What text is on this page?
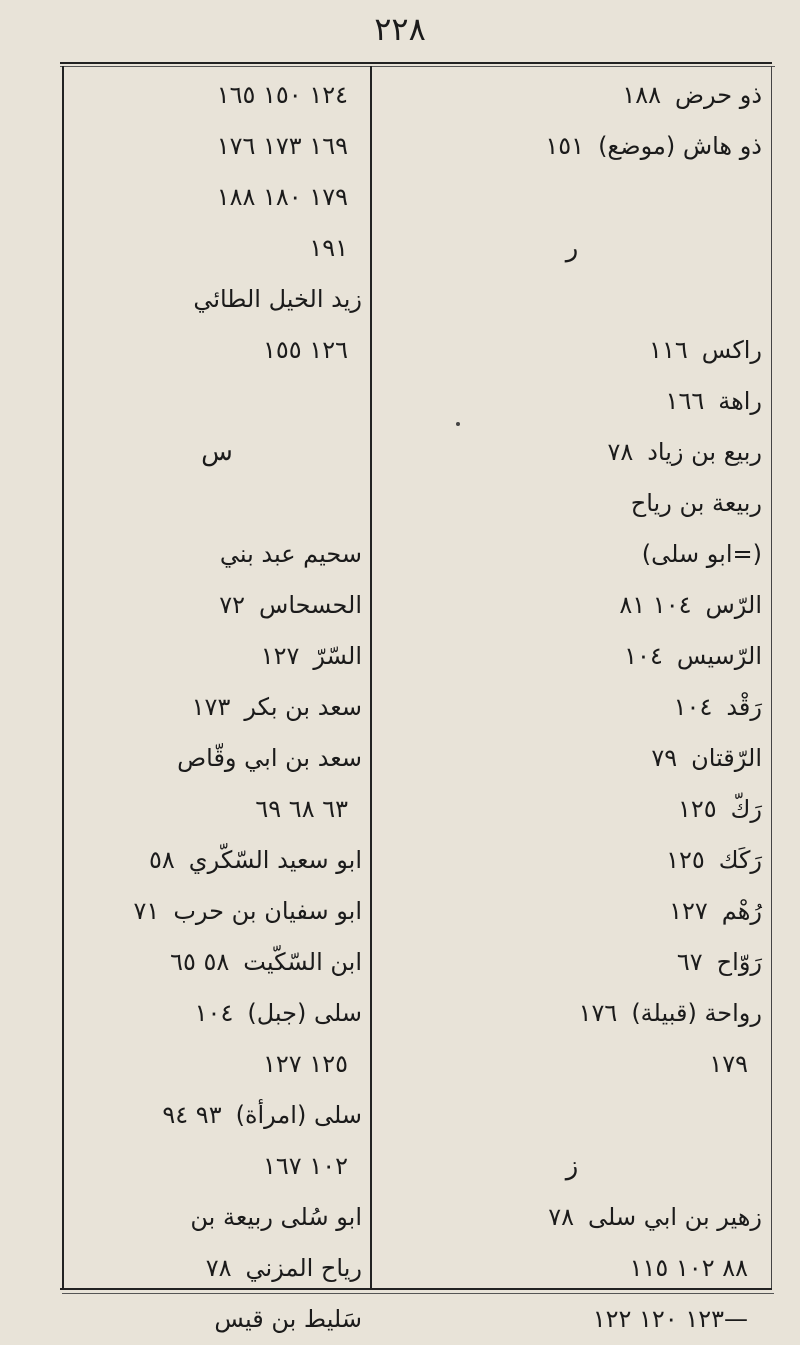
٢٢٨
ذو حرض١٨٨
ذو هاش (موضع)١٥١
ر
راكس١١٦
راهة١٦٦
ربيع بن زياد٧٨
ربيعة بن رياح
(=ابو سلى)
الرّس١٠٤ ٨١
الرّسيس١٠٤
رَقْد١٠٤
الرّقتان٧٩
رَكّ١٢٥
رَكَك١٢٥
رُهْم١٢٧
رَوّاح٦٧
رواحة (قبيلة)١٧٦
١٧٩
ز
زهير بن ابي سلى٧٨
٨٨ ١٠٢ ١١٥
١٢٣ ١٢٠ ١٢٢—
١٢٤ ١٥٠ ١٦٥
١٦٩ ١٧٣ ١٧٦
١٧٩ ١٨٠ ١٨٨
١٩١
زيد الخيل الطائي
١٢٦ ١٥٥
س
سحيم عبد بني
الحسحاس٧٢
السّرّ١٢٧
سعد بن بكر١٧٣
سعد بن ابي وقّاص
٦٣ ٦٨ ٦٩
ابو سعيد السّكّري٥٨
ابو سفيان بن حرب٧١
ابن السّكّيت٥٨ ٦٥
سلى (جبل)١٠٤
١٢٥ ١٢٧
سلى (امرأة)٩٣ ٩٤
١٠٢ ١٦٧
ابو سُلى ربيعة بن
رياح المزني٧٨
سَليط بن قيس
